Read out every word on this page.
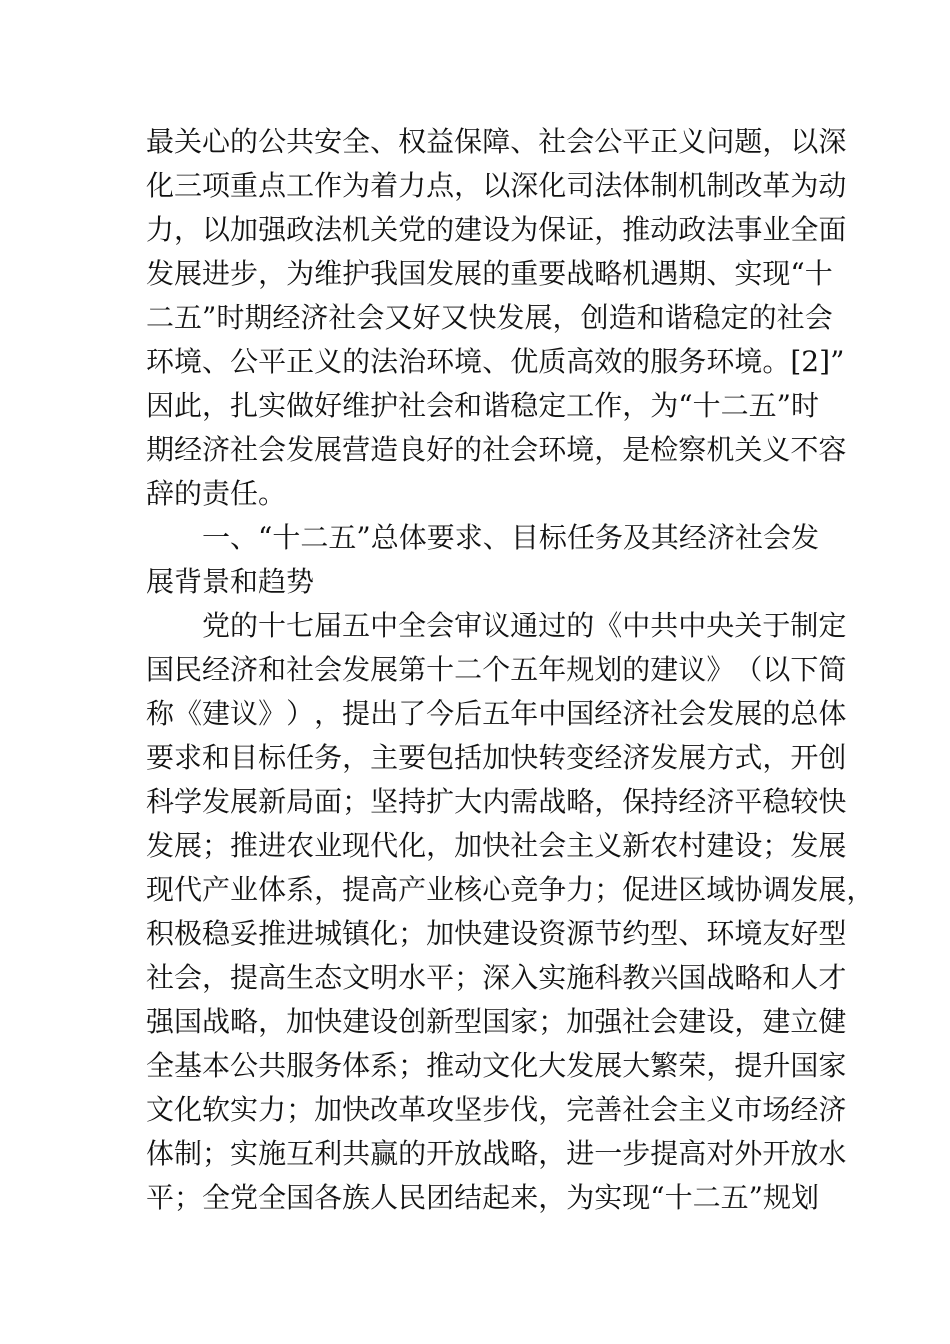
最 关 心 的 公 共 安 全 、 权 益 保 障 、 社 会 公 平 正 义 问 题 ， 以 深
化 三 项 重 点 工 作 为 着 力 点 ， 以 深 化 司 法 体 制 机 制 改 革 为 动
力 ， 以 加 强 政 法 机 关 党 的 建 设 为 保 证 ， 推 动 政 法 事 业 全 面
发 展 进 步 ， 为 维 护 我 国 发 展 的 重 要 战 略 机 遇 期 、 实 现 “ 十
二 五 ” 时 期 经 济 社 会 又 好 又 快 发 展 ， 创 造 和 谐 稳 定 的 社 会
环 境 、 公 平 正 义 的 法 治 环 境 、 优 质 高 效 的 服 务 环 境 。 [ 2 ] ”
因 此 ， 扎 实 做 好 维 护 社 会 和 谐 稳 定 工 作 ， 为 “ 十 二 五 ” 时
期 经 济 社 会 发 展 营 造 良 好 的 社 会 环 境 ， 是 检 察 机 关 义 不 容
辞的责任。
一 、 “ 十 二 五 ” 总 体 要 求 、 目 标 任 务 及 其 经 济 社 会 发
展背景和趋势
党 的 十 七 届 五 中 全 会 审 议 通 过 的 《 中 共 中 央 关 于 制 定
国 民 经 济 和 社 会 发 展 第 十 二 个 五 年 规 划 的 建 议 》 （ 以 下 简
称 《 建 议 》 ） ， 提 出 了 今 后 五 年 中 国 经 济 社 会 发 展 的 总 体
要 求 和 目 标 任 务 ， 主 要 包 括 加 快 转 变 经 济 发 展 方 式 ， 开 创
科 学 发 展 新 局 面 ； 坚 持 扩 大 内 需 战 略 ， 保 持 经 济 平 稳 较 快
发 展 ； 推 进 农 业 现 代 化 ， 加 快 社 会 主 义 新 农 村 建 设 ； 发 展
现 代 产 业 体 系 ， 提 高 产 业 核 心 竞 争 力 ； 促 进 区 域 协 调 发 展 ，
积 极 稳 妥 推 进 城 镇 化 ； 加 快 建 设 资 源 节 约 型 、 环 境 友 好 型
社 会 ， 提 高 生 态 文 明 水 平 ； 深 入 实 施 科 教 兴 国 战 略 和 人 才
强 国 战 略 ， 加 快 建 设 创 新 型 国 家 ； 加 强 社 会 建 设 ， 建 立 健
全 基 本 公 共 服 务 体 系 ； 推 动 文 化 大 发 展 大 繁 荣 ， 提 升 国 家
文 化 软 实 力 ； 加 快 改 革 攻 坚 步 伐 ， 完 善 社 会 主 义 市 场 经 济
体 制 ； 实 施 互 利 共 赢 的 开 放 战 略 ， 进 一 步 提 高 对 外 开 放 水
平 ； 全 党 全 国 各 族 人 民 团 结 起 来 ， 为 实 现 “ 十 二 五 ” 规 划
